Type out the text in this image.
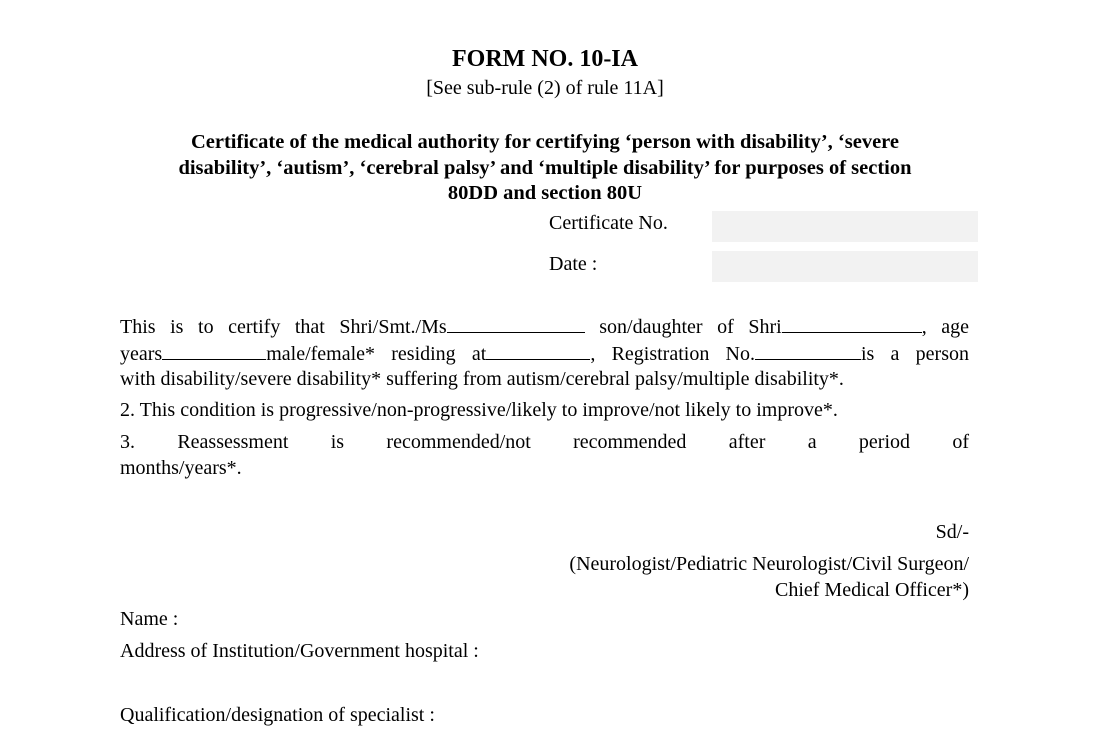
FORM NO. 10-IA
[See sub-rule (2) of rule 11A]
Certificate of the medical authority for certifying ‘person with disability’, ‘severe
disability’, ‘autism’, ‘cerebral palsy’ and ‘multiple disability’ for purposes of section
80DD and section 80U
Certificate No.
Date :
This is to certify that Shri/Smt./Ms	son/daughter of Shri	, age
years	male/female* residing at	, Registration No.	is a person
with disability/severe disability* suffering from autism/cerebral palsy/multiple disability*.
2. This condition is progressive/non-progressive/likely to improve/not likely to improve*.
3. Reassessment is recommended/not recommended after a period of
months/years*.
Sd/-
(Neurologist/Pediatric Neurologist/Civil Surgeon/
Chief Medical Officer*)
Name :
Address of Institution/Government hospital :
Qualification/designation of specialist :
